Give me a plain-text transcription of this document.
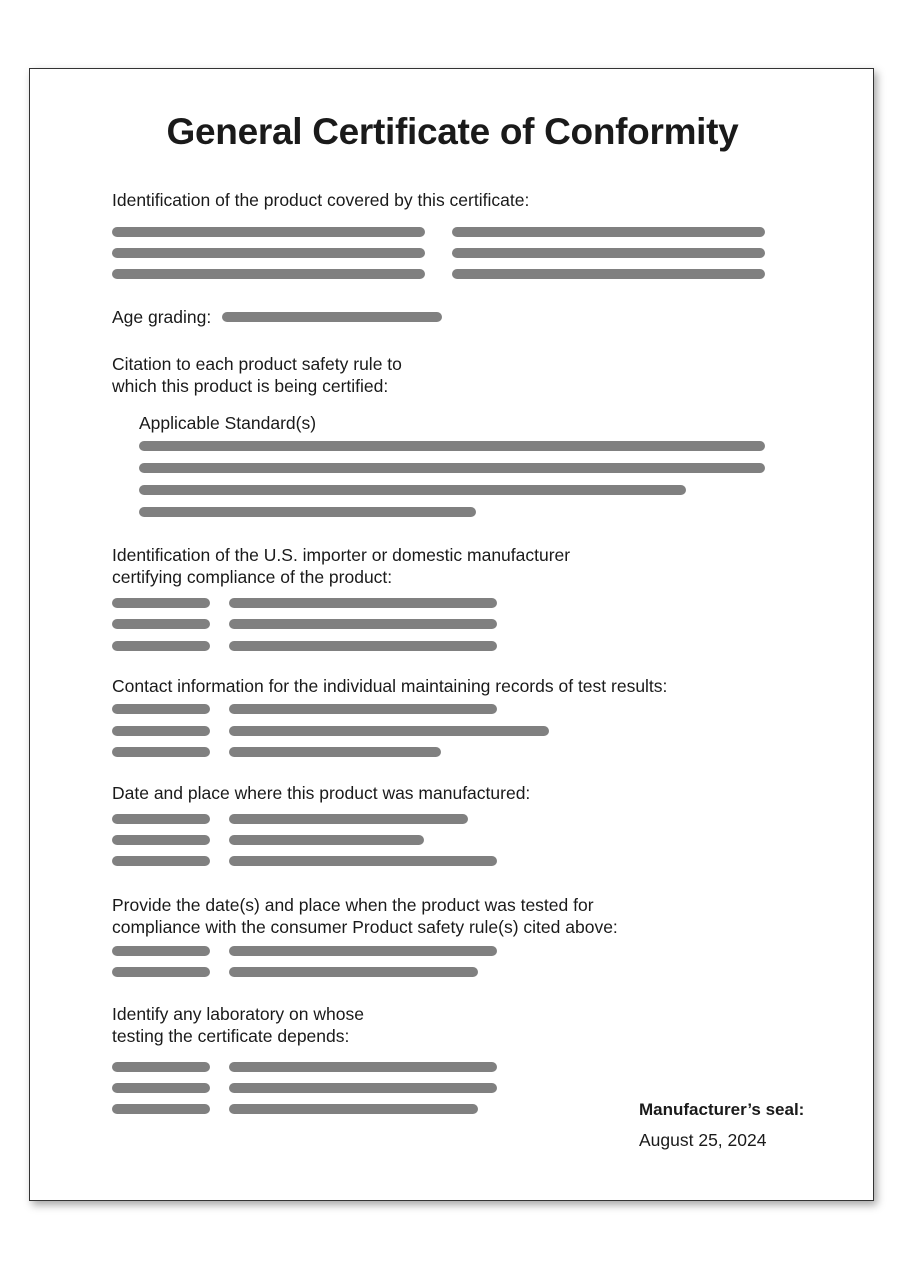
General Certificate of Conformity
Identification of the product covered by this certificate:
Age grading:
Citation to each product safety rule to
which this product is being certified:
Applicable Standard(s)
Identification of the U.S. importer or domestic manufacturer
certifying compliance of the product:
Contact information for the individual maintaining records of test results:
Date and place where this product was manufactured:
Provide the date(s) and place when the product was tested for
compliance with the consumer Product safety rule(s) cited above:
Identify any laboratory on whose
testing the certificate depends:
Manufacturer’s seal:
August 25, 2024
